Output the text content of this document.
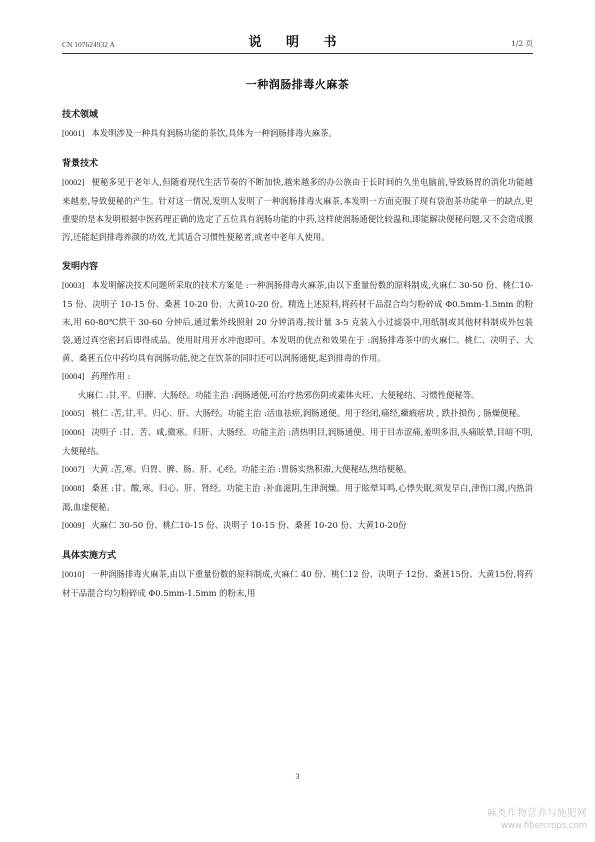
CN 107624932 A	说 明 书	1/2 页
一种润肠排毒火麻茶
技术领域

[0001] 本发明涉及一种具有润肠功能的茶饮,具体为一种润肠排毒火麻茶。

背景技术

[0002] 便秘多见于老年人,但随着现代生活节奏的不断加快,越来越多的办公族由于长时间的久坐电脑前,导致肠胃的消化功能越来越差,导致便秘的产生。针对这一情况,发明人发明了一种润肠排毒火麻茶,本发明一方面克服了现有袋泡茶功能单一的缺点,更重要的是本发明根据中医药理正确的选定了五位具有润肠功能的中药,这样使润肠通便比较温和,即能解决便秘问题,又不会造成腹泻,还能起到排毒养颜的功效,尤其适合习惯性便秘者,或者中老年人使用。

发明内容

[0003] 本发明解决技术问题所采取的技术方案是 :一种润肠排毒火麻茶,由以下重量份数的原料制成,火麻仁 30-50 份、桃仁10-15 份、决明子 10-15 份、桑葚 10-20 份、大黄10-20 份。精选上述原料,将药材干品混合均匀粉碎成 Φ0.5mm-1.5mm 的粉末,用 60-80℃烘干 30-60 分钟后,通过紫外线照射 20 分钟消毒,按计量 3-5 克装入小过滤袋中,用纸制或其他材料制成外包装袋,通过真空密封后即得成品。使用时用开水冲泡即可。本发明的优点和效果在于 :润肠排毒茶中的火麻仁、桃仁、决明子、大黄、桑葚五位中药均具有润肠功能,使之在饮茶的同时还可以润肠通便,起到排毒的作用。

[0004] 药理作用 :

火麻仁 :甘,平。归脾、大肠经。功能主治 :润肠通便,可治疗热邪伤阴或素体火旺、大便秘结、习惯性便秘等。

[0005] 桃仁 :苦,甘,平。归心、肝、大肠经。功能主治 :活血祛瘀,润肠通便。用于经闭,痛经,癥瘕痞块 , 跌扑损伤 , 肠燥便秘。

[0006] 决明子 :甘、苦、咸,微寒。归肝、大肠经。功能主治 :清热明目,润肠通便。用于目赤涩痛,羞明多泪,头痛眩晕,目暗不明,大便秘结。

[0007] 大黄 :苦,寒。归胃、脾、肠、肝、心经。功能主治 :胃肠实热积滞,大便秘结,热结便秘。

[0008] 桑葚 :甘、酸,寒。归心、肝、肾经。功能主治 :补血滋阴,生津润燥。用于眩晕耳鸣,心悸失眠,须发早白,津伤口渴,内热消渴,血虚便秘。

[0009] 火麻仁 30-50 份、桃仁10-15 份、决明子 10-15 份、桑葚 10-20 份、大黄10-20份

具体实施方式

[0010] 一种润肠排毒火麻茶,由以下重量份数的原料制成,火麻仁 40 份、桃仁12 份、决明子 12份、桑葚15份、大黄15份,将药材干品混合均匀粉碎成 Φ0.5mm-1.5mm 的粉末,用

3
麻类作物营养与施肥网
www.fibercrops.com
